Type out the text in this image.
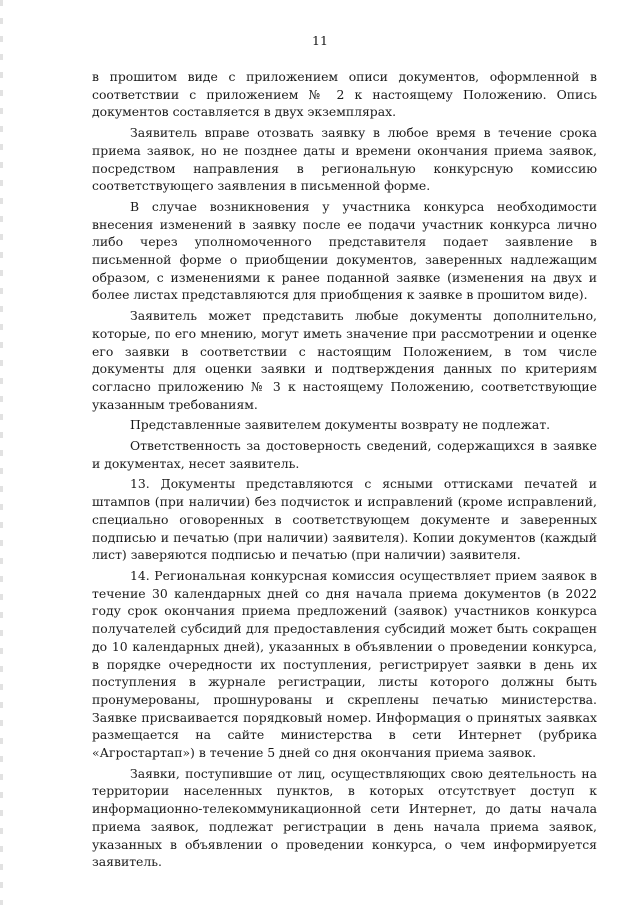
11

в прошитом виде с приложением описи документов, оформленной в соответствии с приложением № 2 к настоящему Положению. Опись документов составляется в двух экземплярах.

Заявитель вправе отозвать заявку в любое время в течение срока приема заявок, но не позднее даты и времени окончания приема заявок, посредством направления в региональную конкурсную комиссию соответствующего заявления в письменной форме.

В случае возникновения у участника конкурса необходимости внесения изменений в заявку после ее подачи участник конкурса лично либо через уполномоченного представителя подает заявление в письменной форме о приобщении документов, заверенных надлежащим образом, с изменениями к ранее поданной заявке (изменения на двух и более листах представляются для приобщения к заявке в прошитом виде).

Заявитель может представить любые документы дополнительно, которые, по его мнению, могут иметь значение при рассмотрении и оценке его заявки в соответствии с настоящим Положением, в том числе документы для оценки заявки и подтверждения данных по критериям согласно приложению № 3 к настоящему Положению, соответствующие указанным требованиям.

Представленные заявителем документы возврату не подлежат.

Ответственность за достоверность сведений, содержащихся в заявке и документах, несет заявитель.

13. Документы представляются с ясными оттисками печатей и штампов (при наличии) без подчисток и исправлений (кроме исправлений, специально оговоренных в соответствующем документе и заверенных подписью и печатью (при наличии) заявителя). Копии документов (каждый лист) заверяются подписью и печатью (при наличии) заявителя.

14. Региональная конкурсная комиссия осуществляет прием заявок в течение 30 календарных дней со дня начала приема документов (в 2022 году срок окончания приема предложений (заявок) участников конкурса получателей субсидий для предоставления субсидий может быть сокращен до 10 календарных дней), указанных в объявлении о проведении конкурса, в порядке очередности их поступления, регистрирует заявки в день их поступления в журнале регистрации, листы которого должны быть пронумерованы, прошнурованы и скреплены печатью министерства. Заявке присваивается порядковый номер. Информация о принятых заявках размещается на сайте министерства в сети Интернет (рубрика «Агростартап») в течение 5 дней со дня окончания приема заявок.

Заявки, поступившие от лиц, осуществляющих свою деятельность на территории населенных пунктов, в которых отсутствует доступ к информационно-телекоммуникационной сети Интернет, до даты начала приема заявок, подлежат регистрации в день начала приема заявок, указанных в объявлении о проведении конкурса, о чем информируется заявитель.
